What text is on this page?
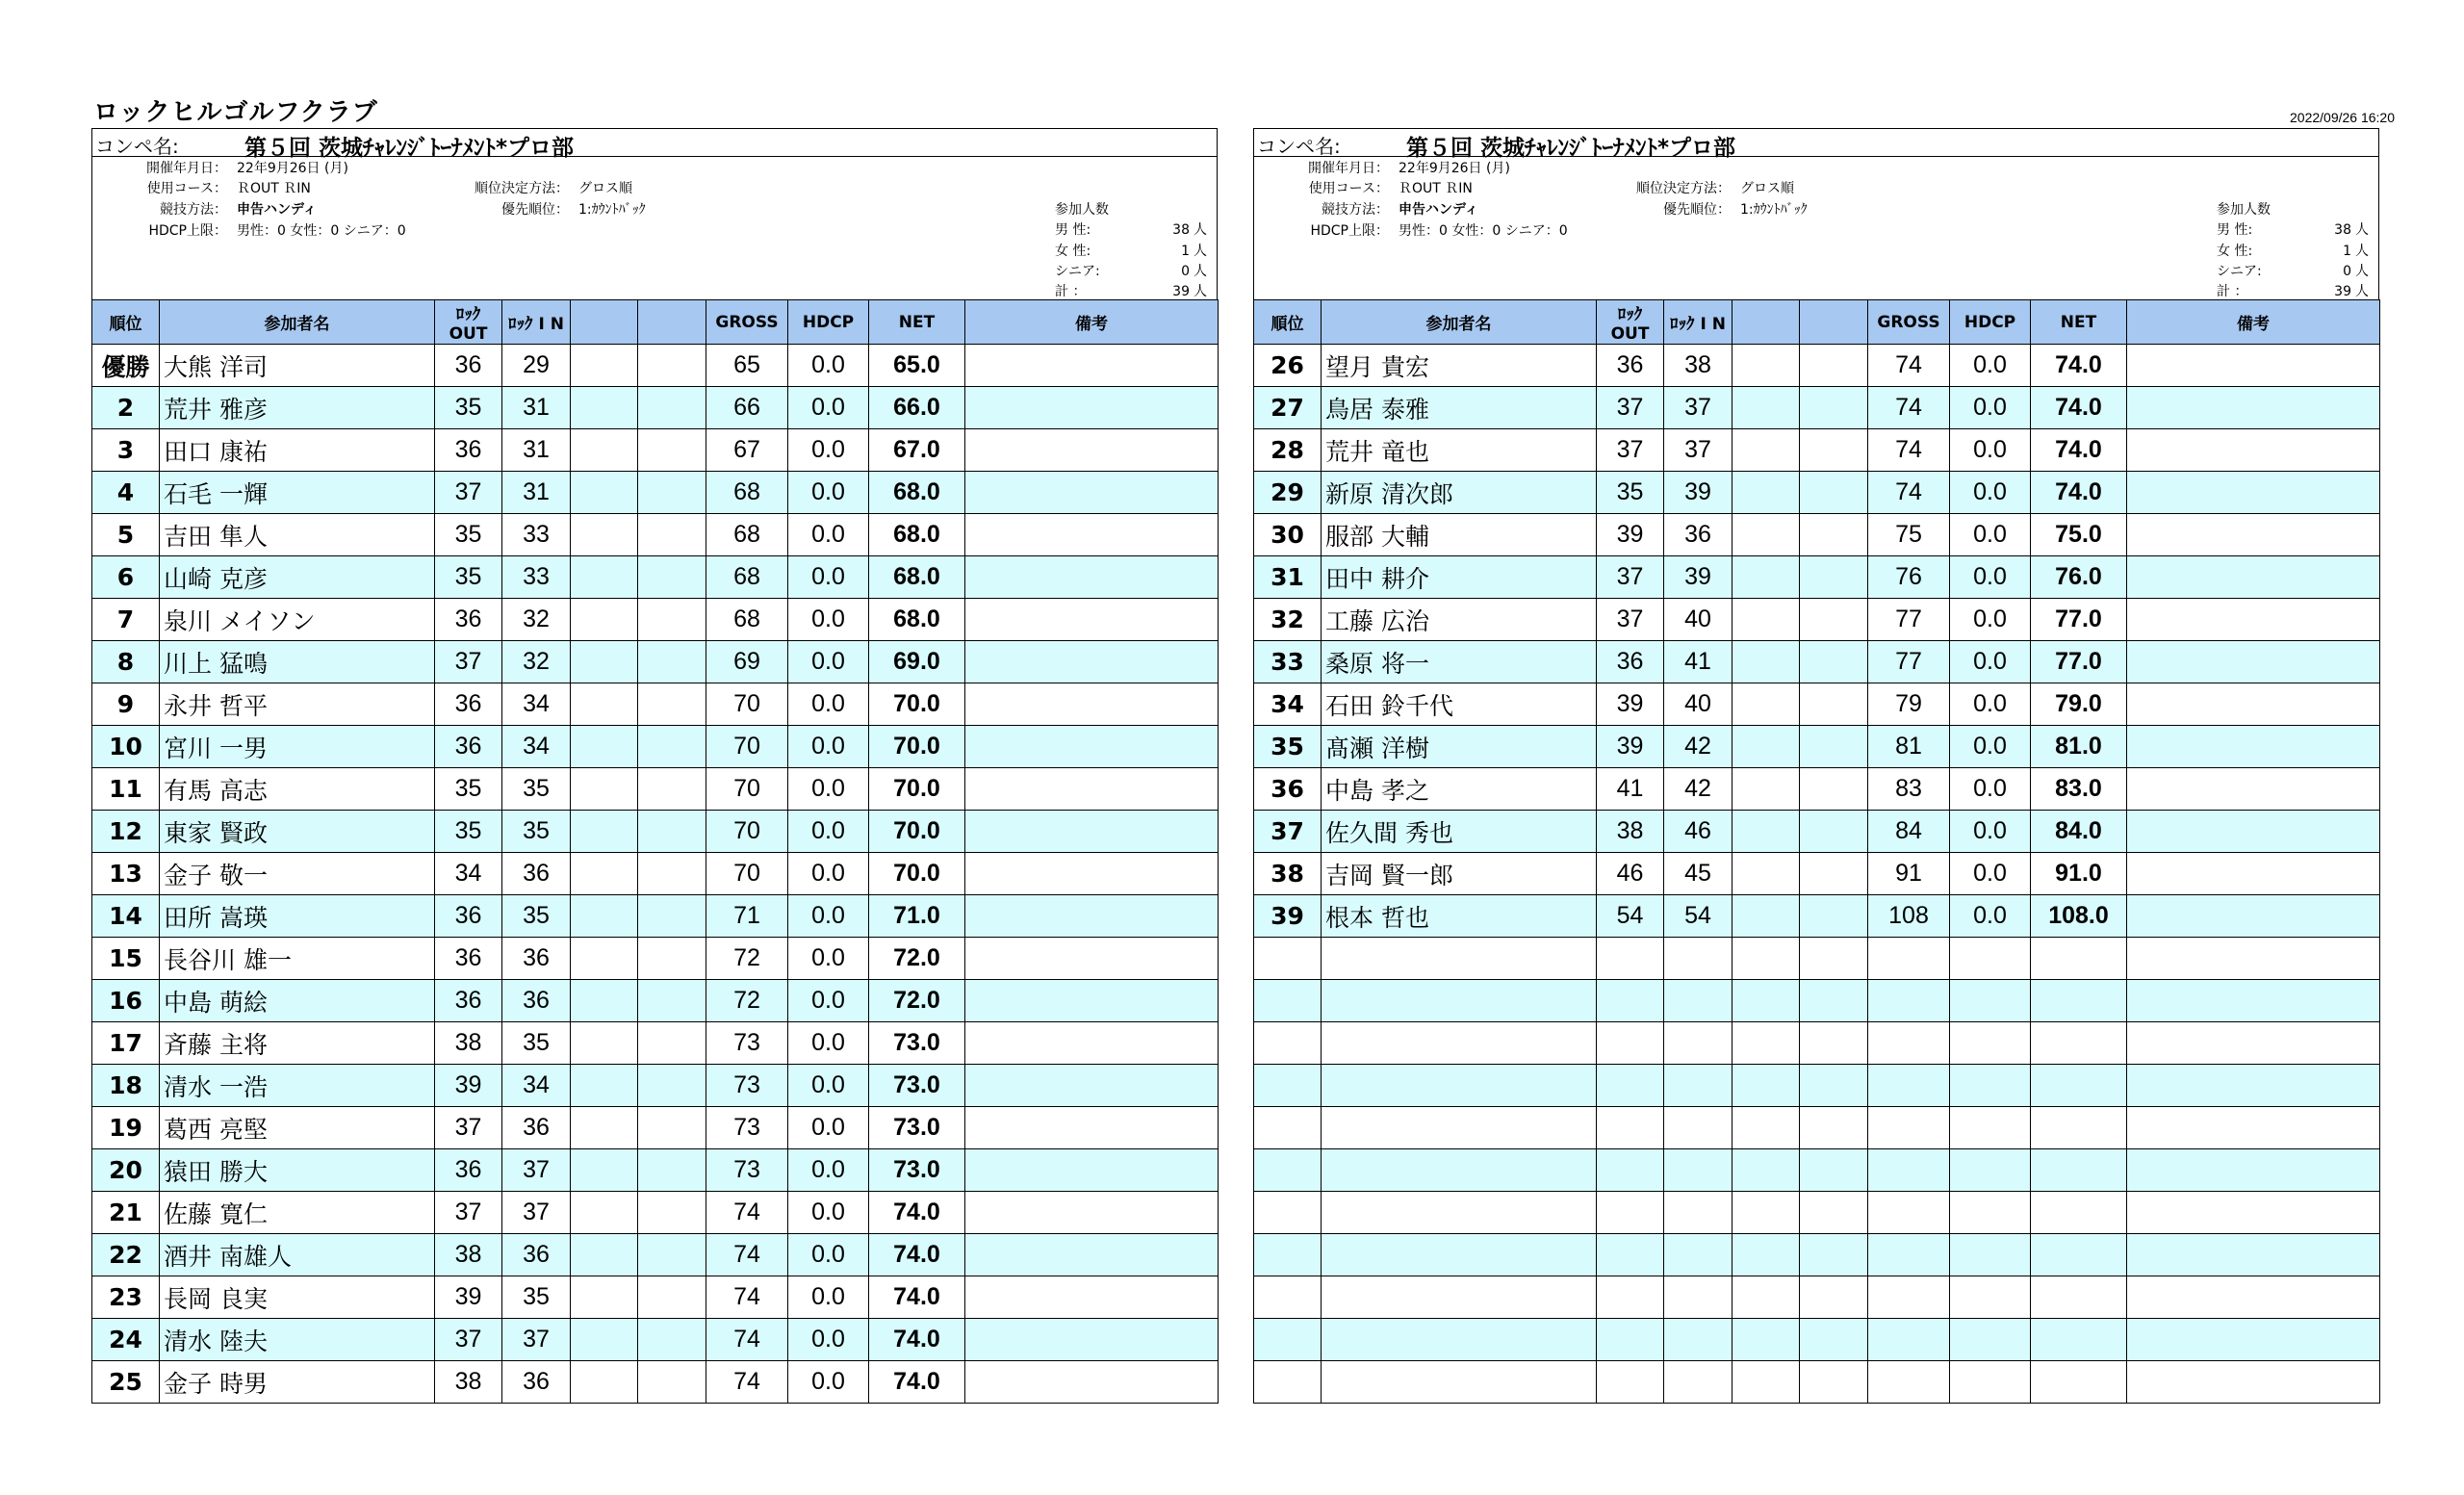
ロックヒルゴルフクラブ	2022/09/26 16:20
コンペ名:	第５回 茨城ﾁｬﾚﾝｼﾞﾄｰﾅﾒﾝﾄ*プロ部
開催年月日： 22年9月26日 (月)
使用コース： ＲOUT ＲIN
競技方法： 申告ハンディ
HDCP上限： 男性：0 女性：0 シニア：0
順位決定方法： グロス順
優先順位： 1:ｶｳﾝﾄﾊﾞｯｸ	参加人数
男 性:	38 人
女 性:	1 人
シニア:	0 人
計 ：	39 人
順位	参加者名	ﾛｯｸ OUT	ﾛｯｸ I N			GROSS	HDCP	NET	備考
優勝	大熊 洋司	36	29			65	0.0	65.0	
2	荒井 雅彦	35	31			66	0.0	66.0	
3	田口 康祐	36	31			67	0.0	67.0	
4	石毛 一輝	37	31			68	0.0	68.0	
5	吉田 隼人	35	33			68	0.0	68.0	
6	山崎 克彦	35	33			68	0.0	68.0	
7	泉川 メイソン	36	32			68	0.0	68.0	
8	川上 猛鳴	37	32			69	0.0	69.0	
9	永井 哲平	36	34			70	0.0	70.0	
10	宮川 一男	36	34			70	0.0	70.0	
11	有馬 高志	35	35			70	0.0	70.0	
12	東家 賢政	35	35			70	0.0	70.0	
13	金子 敬一	34	36			70	0.0	70.0	
14	田所 嵩瑛	36	35			71	0.0	71.0	
15	長谷川 雄一	36	36			72	0.0	72.0	
16	中島 萌絵	36	36			72	0.0	72.0	
17	斉藤 主将	38	35			73	0.0	73.0	
18	清水 一浩	39	34			73	0.0	73.0	
19	葛西 亮堅	37	36			73	0.0	73.0	
20	猿田 勝大	36	37			73	0.0	73.0	
21	佐藤 寛仁	37	37			74	0.0	74.0	
22	酒井 南雄人	38	36			74	0.0	74.0	
23	長岡 良実	39	35			74	0.0	74.0	
24	清水 陸夫	37	37			74	0.0	74.0	
25	金子 時男	38	36			74	0.0	74.0	
コンペ名:	第５回 茨城ﾁｬﾚﾝｼﾞﾄｰﾅﾒﾝﾄ*プロ部
開催年月日： 22年9月26日 (月)
使用コース： ＲOUT ＲIN
競技方法： 申告ハンディ
HDCP上限： 男性：0 女性：0 シニア：0
順位決定方法： グロス順
優先順位： 1:ｶｳﾝﾄﾊﾞｯｸ	参加人数
男 性:	38 人
女 性:	1 人
シニア:	0 人
計 ：	39 人
順位	参加者名	ﾛｯｸ OUT	ﾛｯｸ I N			GROSS	HDCP	NET	備考
26	望月 貴宏	36	38			74	0.0	74.0	
27	鳥居 泰雅	37	37			74	0.0	74.0	
28	荒井 竜也	37	37			74	0.0	74.0	
29	新原 清次郎	35	39			74	0.0	74.0	
30	服部 大輔	39	36			75	0.0	75.0	
31	田中 耕介	37	39			76	0.0	76.0	
32	工藤 広治	37	40			77	0.0	77.0	
33	桑原 将一	36	41			77	0.0	77.0	
34	石田 鈴千代	39	40			79	0.0	79.0	
35	髙瀬 洋樹	39	42			81	0.0	81.0	
36	中島 孝之	41	42			83	0.0	83.0	
37	佐久間 秀也	38	46			84	0.0	84.0	
38	吉岡 賢一郎	46	45			91	0.0	91.0	
39	根本 哲也	54	54			108	0.0	108.0	
